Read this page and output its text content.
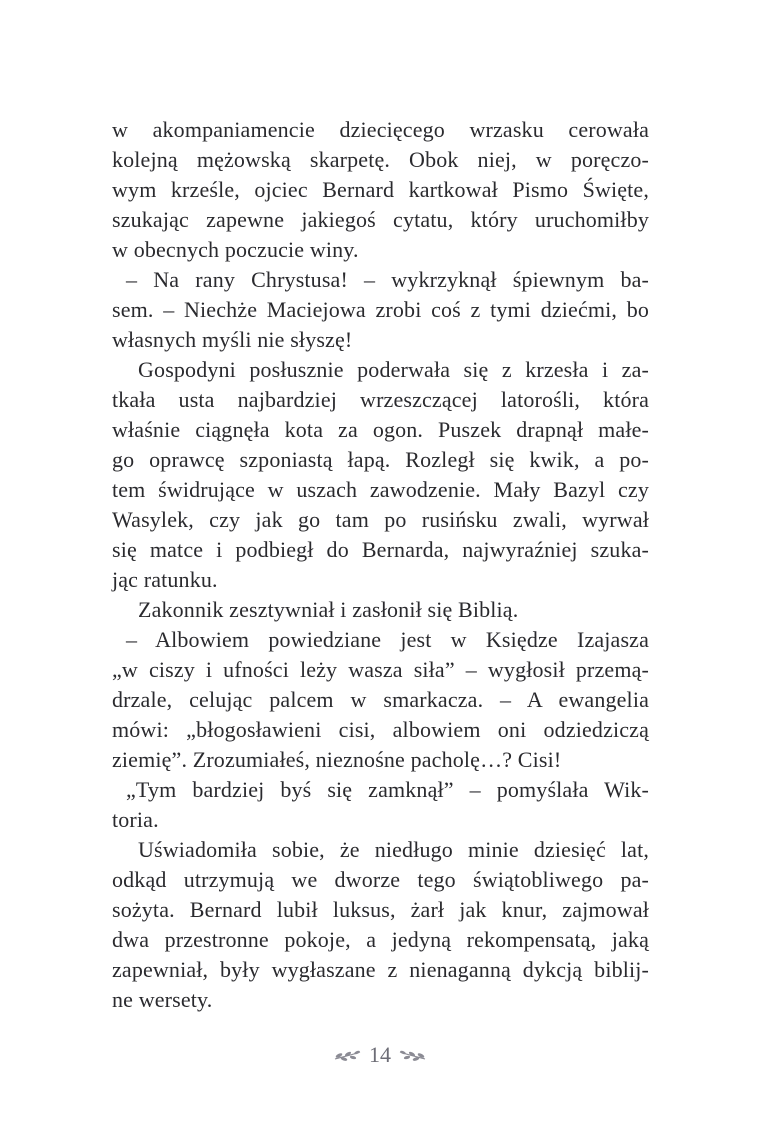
w akompaniamencie dziecięcego wrzasku cerowała
kolejną mężowską skarpetę. Obok niej, w poręczo-
wym krześle, ojciec Bernard kartkował Pismo Święte,
szukając zapewne jakiegoś cytatu, który uruchomiłby
w obecnych poczucie winy.
– Na rany Chrystusa! – wykrzyknął śpiewnym ba-
sem. – Niechże Maciejowa zrobi coś z tymi dziećmi, bo
własnych myśli nie słyszę!
Gospodyni posłusznie poderwała się z krzesła i za-
tkała usta najbardziej wrzeszczącej latorośli, która
właśnie ciągnęła kota za ogon. Puszek drapnął małe-
go oprawcę szponiastą łapą. Rozległ się kwik, a po-
tem świdrujące w uszach zawodzenie. Mały Bazyl czy
Wasylek, czy jak go tam po rusińsku zwali, wyrwał
się matce i podbiegł do Bernarda, najwyraźniej szuka-
jąc ratunku.
Zakonnik zesztywniał i zasłonił się Biblią.
– Albowiem powiedziane jest w Księdze Izajasza
„w ciszy i ufności leży wasza siła” – wygłosił przemą-
drzale, celując palcem w smarkacza. – A ewangelia
mówi: „błogosławieni cisi, albowiem oni odziedziczą
ziemię”. Zrozumiałeś, nieznośne pacholę…? Cisi!
„Tym bardziej byś się zamknął” – pomyślała Wik-
toria.
Uświadomiła sobie, że niedługo minie dziesięć lat,
odkąd utrzymują we dworze tego świątobliwego pa-
sożyta. Bernard lubił luksus, żarł jak knur, zajmował
dwa przestronne pokoje, a jedyną rekompensatą, jaką
zapewniał, były wygłaszane z nienaganną dykcją biblij-
ne wersety.
14
